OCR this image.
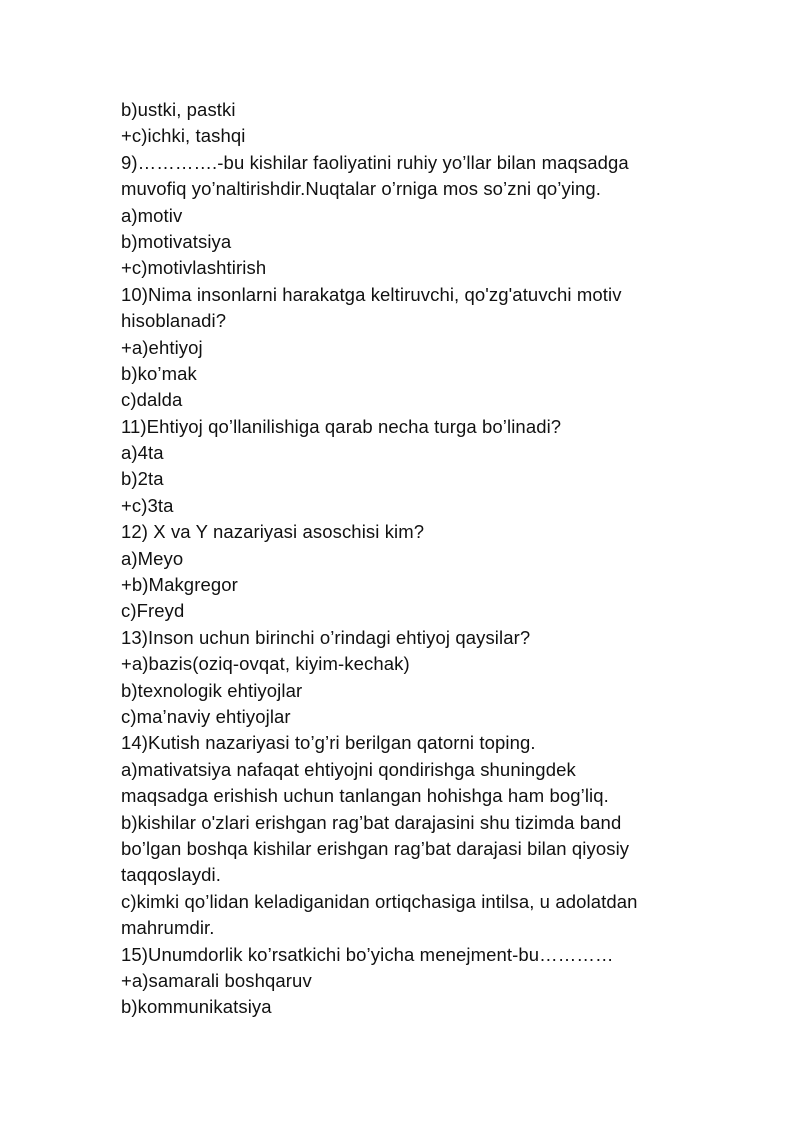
b)ustki, pastki
+c)ichki, tashqi
9)………….-bu kishilar faoliyatini ruhiy yo’llar bilan maqsadga
muvofiq yo’naltirishdir.Nuqtalar o’rniga mos so’zni qo’ying.
a)motiv
b)motivatsiya
+c)motivlashtirish
10)Nima insonlarni harakatga keltiruvchi, qo'zg'atuvchi motiv
hisoblanadi?
+a)ehtiyoj
b)ko’mak
c)dalda
11)Ehtiyoj qo’llanilishiga qarab necha turga bo’linadi?
a)4ta
b)2ta
+c)3ta
12) X va Y nazariyasi asoschisi kim?
a)Meyo
+b)Makgregor
c)Freyd
13)Inson uchun birinchi o’rindagi ehtiyoj qaysilar?
+a)bazis(oziq-ovqat, kiyim-kechak)
b)texnologik ehtiyojlar
c)ma’naviy ehtiyojlar
14)Kutish nazariyasi to’g’ri berilgan qatorni toping.
a)mativatsiya nafaqat ehtiyojni qondirishga shuningdek
maqsadga erishish uchun tanlangan hohishga ham bog’liq.
b)kishilar o'zlari erishgan rag’bat darajasini shu tizimda band
bo’lgan boshqa kishilar erishgan rag’bat darajasi bilan qiyosiy
taqqoslaydi.
c)kimki qo’lidan keladiganidan ortiqchasiga intilsa, u adolatdan
mahrumdir.
15)Unumdorlik ko’rsatkichi bo’yicha menejment-bu…………
+a)samarali boshqaruv
b)kommunikatsiya
